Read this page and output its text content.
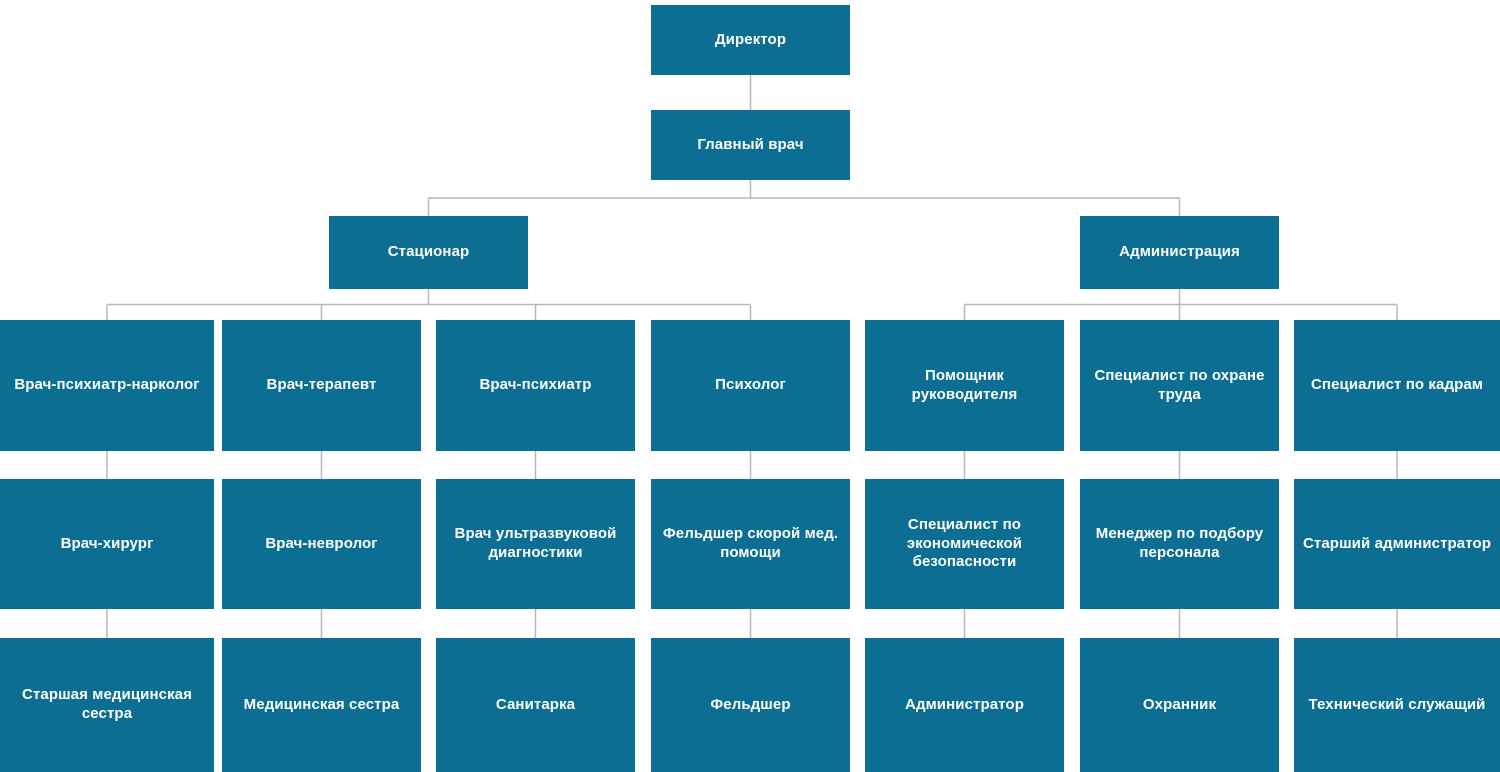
Директор
Главный врач
Стационар	Администрация
Врач-психиатр-нарколог	Врач-терапевт	Врач-психиатр	Психолог
Помощник руководителя
Специалист по охране труда
Специалист по кадрам
Врач-хирург	Врач-невролог
Врач ультразвуковой диагностики
Фельдшер скорой мед. помощи
Специалист по экономической безопасности
Менеджер по подбору персонала
Старший администратор
Старшая медицинская сестра
Медицинская сестра	Санитарка	Фельдшер	Администратор	Охранник	Технический служащий
